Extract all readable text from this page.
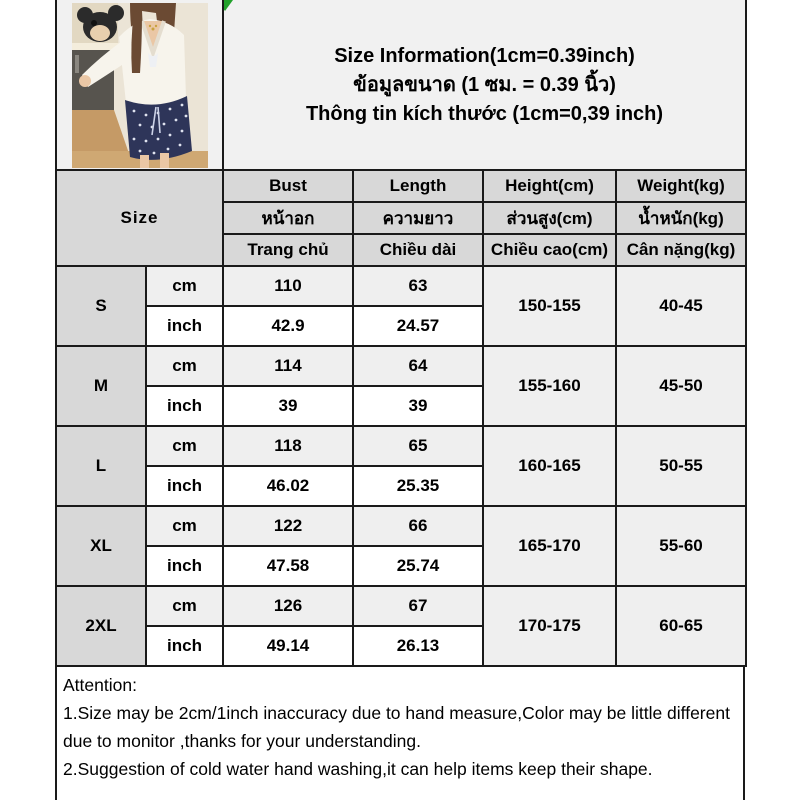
Size Information(1cm=0.39inch)
ข้อมูลขนาด (1 ซม. = 0.39 นิ้ว)
Thông tin kích thước (1cm=0,39 inch)			

Size		Bust	Length	Height(cm)	Weight(kg)
		หน้าอก	ความยาว	ส่วนสูง(cm)	น้ำหนัก(kg)
		Trang chủ	Chiều dài	Chiều cao(cm)	Cân nặng(kg)
S	cm	110	63	150-155	40-45
	inch	42.9	24.57		
M	cm	114	64	155-160	45-50
	inch	39	39		
L	cm	118	65	160-165	50-55
	inch	46.02	25.35		
XL	cm	122	66	165-170	55-60
	inch	47.58	25.74		
2XL	cm	126	67	170-175	60-65
	inch	49.14	26.13		

Attention:

1.Size may be 2cm/1inch inaccuracy due to hand measure,Color may be little different due to monitor ,thanks for your understanding.

2.Suggestion of cold water hand washing,it can help items keep their shape.
